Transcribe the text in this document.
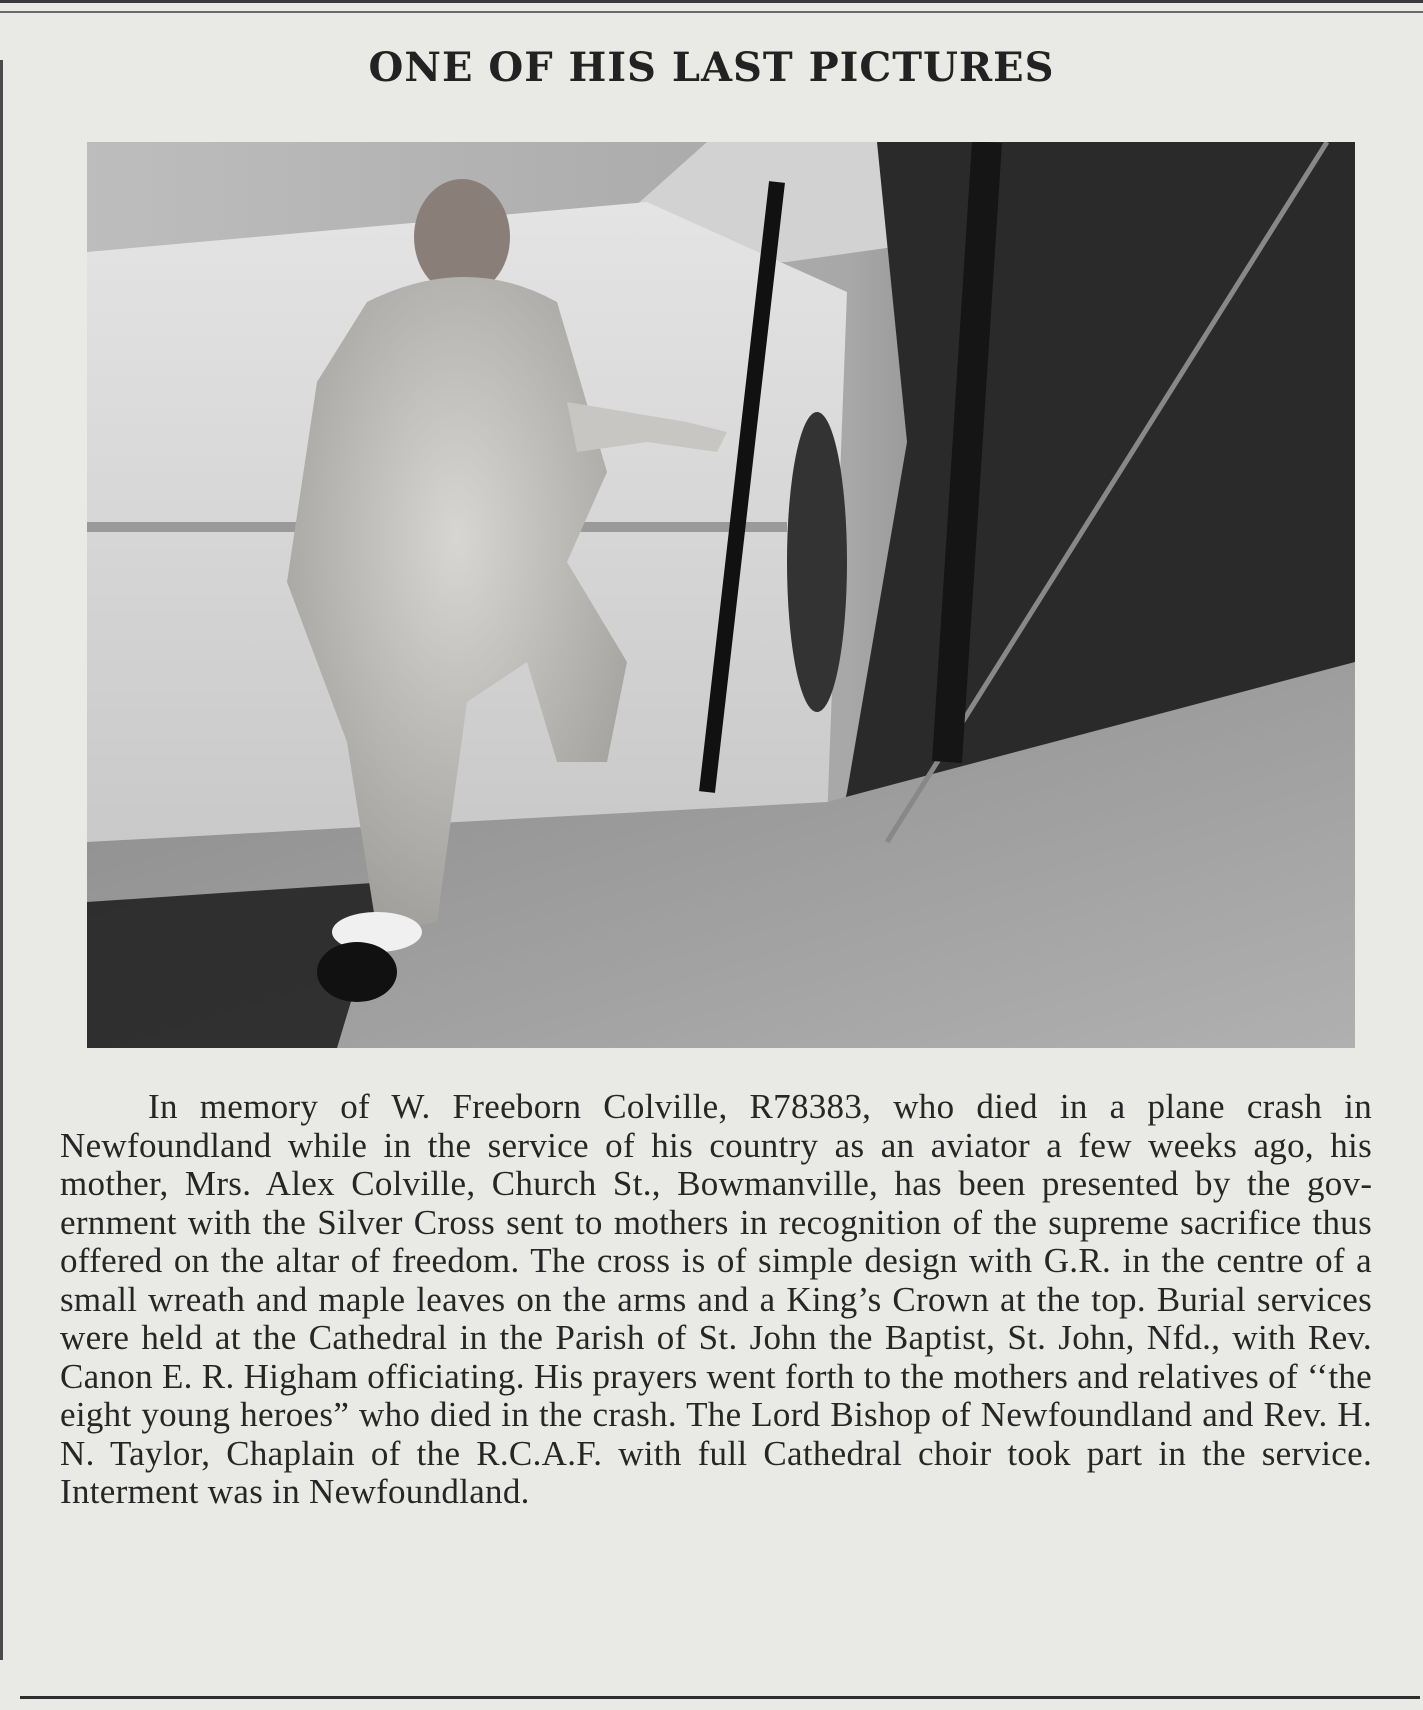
ONE OF HIS LAST PICTURES
In memory of W. Freeborn Colville, R78383, who died in a plane crash in Newfoundland while in the service of his country as an aviator a few weeks ago, his mother, Mrs. Alex Colville, Church St., Bowmanville, has been presented by the government with the Silver Cross sent to mothers in recognition of the supreme sacrifice thus offered on the altar of freedom. The cross is of simple design with G.R. in the centre of a small wreath and maple leaves on the arms and a King’s Crown at the top. Burial services were held at the Cathedral in the Parish of St. John the Baptist, St. John, Nfd., with Rev. Canon E. R. Higham officiating. His prayers went forth to the mothers and relatives of ‘‘the eight young heroes” who died in the crash. The Lord Bishop of Newfoundland and Rev. H. N. Taylor, Chaplain of the R.C.A.F. with full Cathedral choir took part in the service. Interment was in Newfoundland.
